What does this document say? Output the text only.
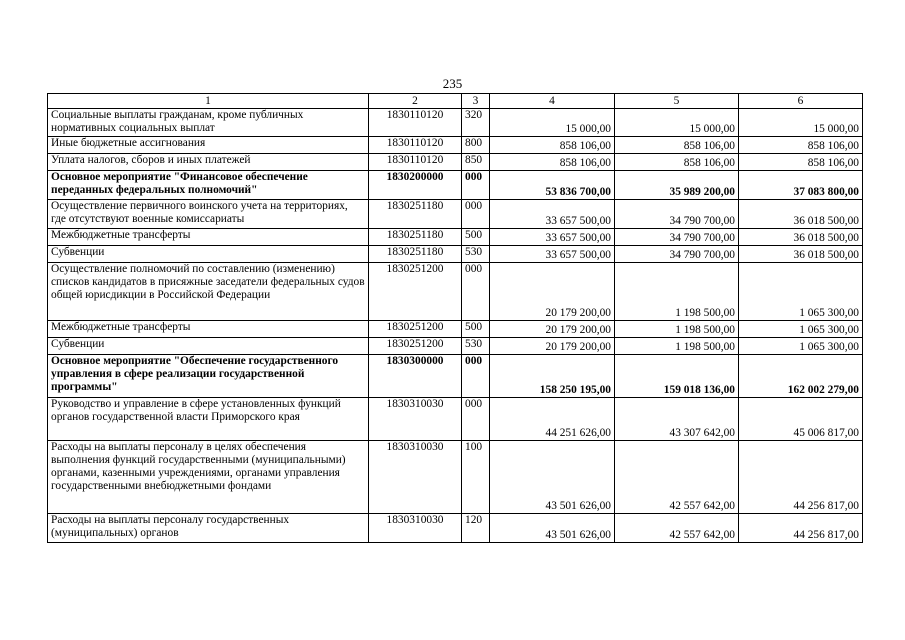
235
1	2	3	4	5	6
Социальные выплаты гражданам, кроме публичных нормативных социальных выплат	1830110120	320	15 000,00	15 000,00	15 000,00
Иные бюджетные ассигнования	1830110120	800	858 106,00	858 106,00	858 106,00
Уплата налогов, сборов и иных платежей	1830110120	850	858 106,00	858 106,00	858 106,00
Основное мероприятие "Финансовое обеспечение переданных федеральных полномочий"	1830200000	000	53 836 700,00	35 989 200,00	37 083 800,00
Осуществление первичного воинского учета на территориях, где отсутствуют военные комиссариаты	1830251180	000	33 657 500,00	34 790 700,00	36 018 500,00
Межбюджетные трансферты	1830251180	500	33 657 500,00	34 790 700,00	36 018 500,00
Субвенции	1830251180	530	33 657 500,00	34 790 700,00	36 018 500,00
Осуществление полномочий по составлению (изменению) списков кандидатов в присяжные заседатели федеральных судов общей юрисдикции в Российской Федерации	1830251200	000	20 179 200,00	1 198 500,00	1 065 300,00
Межбюджетные трансферты	1830251200	500	20 179 200,00	1 198 500,00	1 065 300,00
Субвенции	1830251200	530	20 179 200,00	1 198 500,00	1 065 300,00
Основное мероприятие "Обеспечение государственного управления в сфере реализации государственной программы"	1830300000	000	158 250 195,00	159 018 136,00	162 002 279,00
Руководство и управление в сфере установленных функций органов государственной власти Приморского края	1830310030	000	44 251 626,00	43 307 642,00	45 006 817,00
Расходы на выплаты персоналу в целях обеспечения выполнения функций государственными (муниципальными) органами, казенными учреждениями, органами управления государственными внебюджетными фондами	1830310030	100	43 501 626,00	42 557 642,00	44 256 817,00
Расходы на выплаты персоналу государственных (муниципальных) органов	1830310030	120	43 501 626,00	42 557 642,00	44 256 817,00
